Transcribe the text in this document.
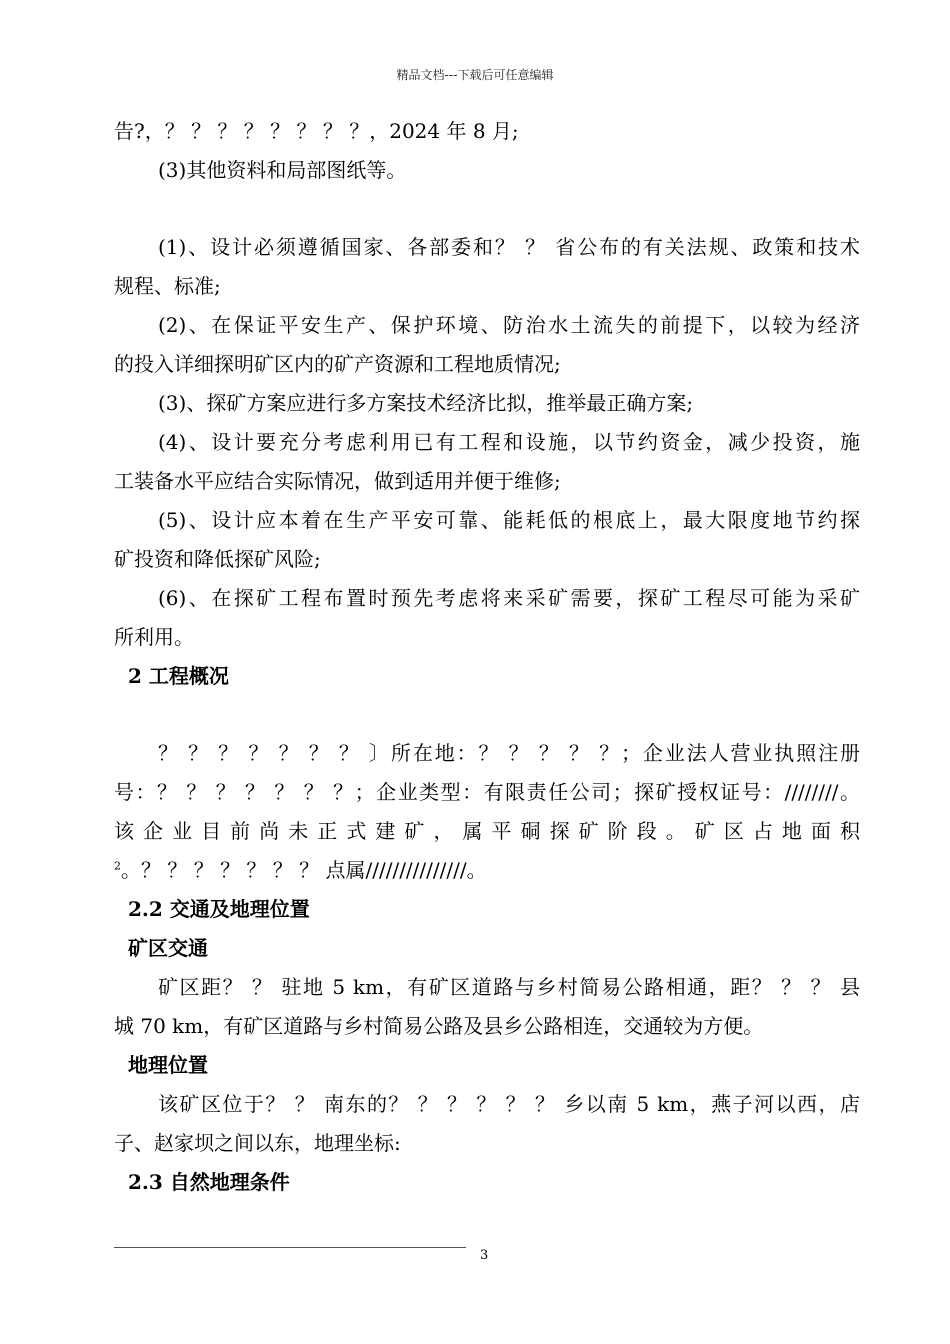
精品文档---下载后可任意编辑
告?，？ ？ ？ ？ ？ ？ ？ ？，2024 年 8 月;
(3)其他资料和局部图纸等。
(1)、设计必须遵循国家、各部委和？ ？ 省公布的有关法规、政策和技术
规程、标准;
(2)、在保证平安生产、保护环境、防治水土流失的前提下，以较为经济
的投入详细探明矿区内的矿产资源和工程地质情况;
(3)、探矿方案应进行多方案技术经济比拟，推举最正确方案;
(4)、设计要充分考虑利用已有工程和设施，以节约资金，减少投资，施
工装备水平应结合实际情况，做到适用并便于维修;
(5)、设计应本着在生产平安可靠、能耗低的根底上，最大限度地节约探
矿投资和降低探矿风险;
(6)、在探矿工程布置时预先考虑将来采矿需要，探矿工程尽可能为采矿
所利用。
2 工程概况
？ ？ ？ ？ ？ ？ ？ 〕所在地：？ ？ ？ ？ ？；企业法人营业执照注册
号：？ ？ ？ ？ ？ ？ ？；企业类型：有限责任公司；探矿授权证号：////////。
该企业目前尚未正式建矿，属平硐探矿阶段。矿区占地面积
$^2$。？ ？ ？ ？ ？ ？ ？ 点属///////////////。
2.2 交通及地理位置
矿区交通
矿区距？ ？ 驻地 5 km，有矿区道路与乡村简易公路相通，距？ ？ ？ 县
城 70 km，有矿区道路与乡村简易公路及县乡公路相连，交通较为方便。
地理位置
该矿区位于？ ？ 南东的？ ？ ？ ？ ？ ？ 乡以南 5 km，燕子河以西，店
子、赵家坝之间以东，地理坐标:
2.3 自然地理条件
3
